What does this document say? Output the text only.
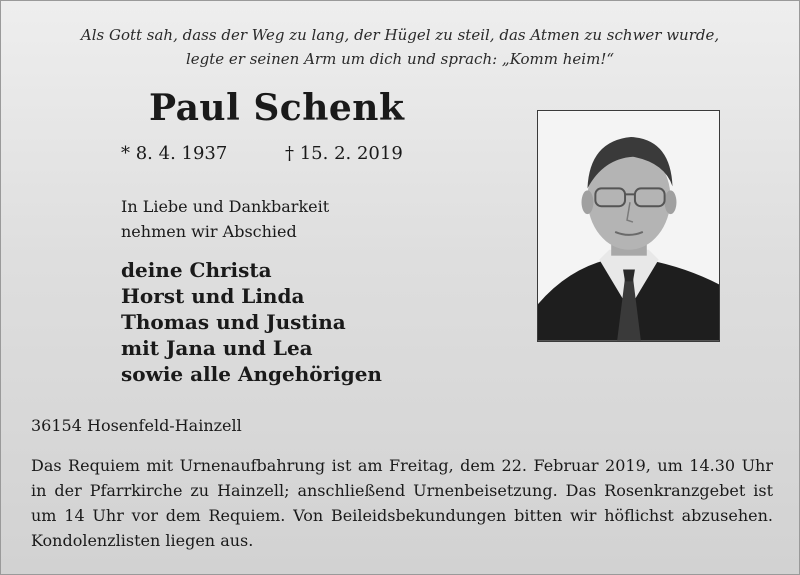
Als Gott sah, dass der Weg zu lang, der Hügel zu steil, das Atmen zu schwer wurde,
legte er seinen Arm um dich und sprach: „Komm heim!“
Paul Schenk
* 8. 4. 1937	† 15. 2. 2019
In Liebe und Dankbarkeit
nehmen wir Abschied
deine Christa
Horst und Linda
Thomas und Justina
mit Jana und Lea
sowie alle Angehörigen
36154 Hosenfeld-Hainzell
Das Requiem mit Urnenaufbahrung ist am Freitag, dem 22. Februar 2019, um 14.30 Uhr in der Pfarrkirche zu Hainzell; anschließend Urnenbeisetzung. Das Rosenkranzgebet ist um 14 Uhr vor dem Requiem. Von Beileidsbekundungen bitten wir höflichst abzusehen. Kondolenzlisten liegen aus.
